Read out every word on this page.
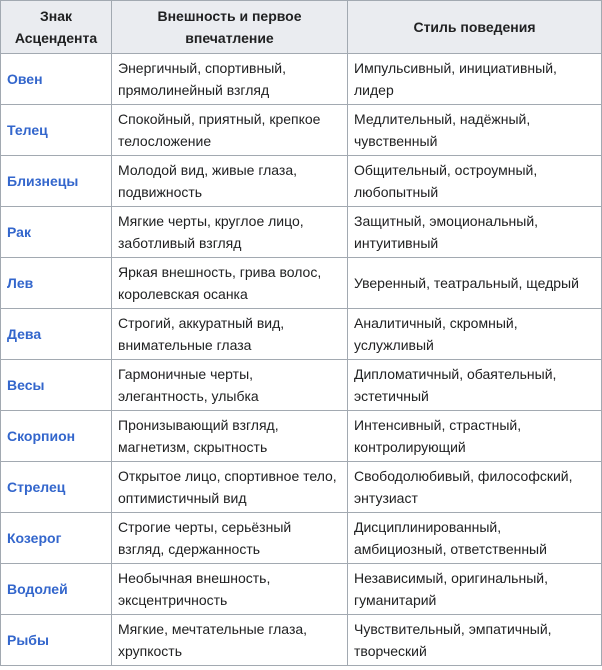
Знак Асцендента	Внешность и первое впечатление	Стиль поведения
Овен	Энергичный, спортивный, прямолинейный взгляд	Импульсивный, инициативный, лидер
Телец	Спокойный, приятный, крепкое телосложение	Медлительный, надёжный, чувственный
Близнецы	Молодой вид, живые глаза, подвижность	Общительный, остроумный, любопытный
Рак	Мягкие черты, круглое лицо, заботливый взгляд	Защитный, эмоциональный, интуитивный
Лев	Яркая внешность, грива волос, королевская осанка	Уверенный, театральный, щедрый
Дева	Строгий, аккуратный вид, внимательные глаза	Аналитичный, скромный, услужливый
Весы	Гармоничные черты, элегантность, улыбка	Дипломатичный, обаятельный, эстетичный
Скорпион	Пронизывающий взгляд, магнетизм, скрытность	Интенсивный, страстный, контролирующий
Стрелец	Открытое лицо, спортивное тело, оптимистичный вид	Свободолюбивый, философский, энтузиаст
Козерог	Строгие черты, серьёзный взгляд, сдержанность	Дисциплинированный, амбициозный, ответственный
Водолей	Необычная внешность, эксцентричность	Независимый, оригинальный, гуманитарий
Рыбы	Мягкие, мечтательные глаза, хрупкость	Чувствительный, эмпатичный, творческий
